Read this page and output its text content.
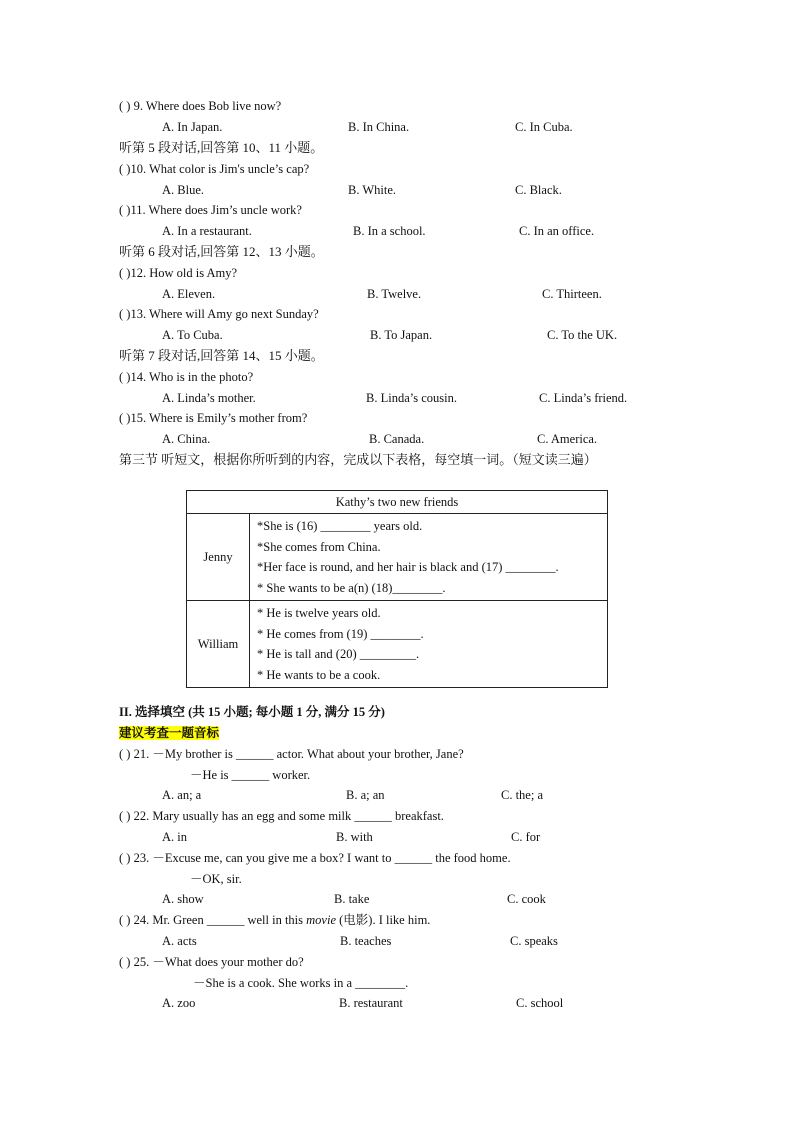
( ) 9. Where does Bob live now?
A. In Japan.	B. In China.	C. In Cuba.
听第 5 段对话,回答第 10、11 小题。
( )10. What color is Jim's uncle’s cap?
A. Blue.	B. White.	C. Black.
( )11. Where does Jim’s uncle work?
A. In a restaurant.	B. In a school.	C. In an office.
听第 6 段对话,回答第 12、13 小题。
( )12. How old is Amy?
A. Eleven.	B. Twelve.	C. Thirteen.
( )13. Where will Amy go next Sunday?
A. To Cuba.	B. To Japan.	C. To the UK.
听第 7 段对话,回答第 14、15 小题。
( )14. Who is in the photo?
A. Linda’s mother.	B. Linda’s cousin.	C. Linda’s friend.
( )15. Where is Emily’s mother from?
A. China.	B. Canada.	C. America.
第三节 听短文，根据你所听到的内容，完成以下表格，每空填一词。（短文读三遍）
Kathy’s two new friends	
Jenny	*She is (16) ________ years old.
*She comes from China.
*Her face is round, and her hair is black and (17) ________.
* She wants to be a(n) (18)________.

William	* He is twelve years old.
* He comes from (19) ________.
* He is tall and (20) _________.
* He wants to be a cook.
II. 选择填空 (共 15 小题; 每小题 1 分, 满分 15 分)
建议考查一题音标
( ) 21. －My brother is ______ actor. What about your brother, Jane?
－He is ______ worker.
A. an; a	B. a; an	C. the; a
( ) 22. Mary usually has an egg and some milk ______ breakfast.
A. in	B. with	C. for
( ) 23. －Excuse me, can you give me a box? I want to ______ the food home.
－OK, sir.
A. show	B. take	C. cook
( ) 24. Mr. Green ______ well in this movie (电影). I like him.
A. acts	B. teaches	C. speaks
( ) 25. －What does your mother do?
－She is a cook. She works in a ________.
A. zoo	B. restaurant	C. school
